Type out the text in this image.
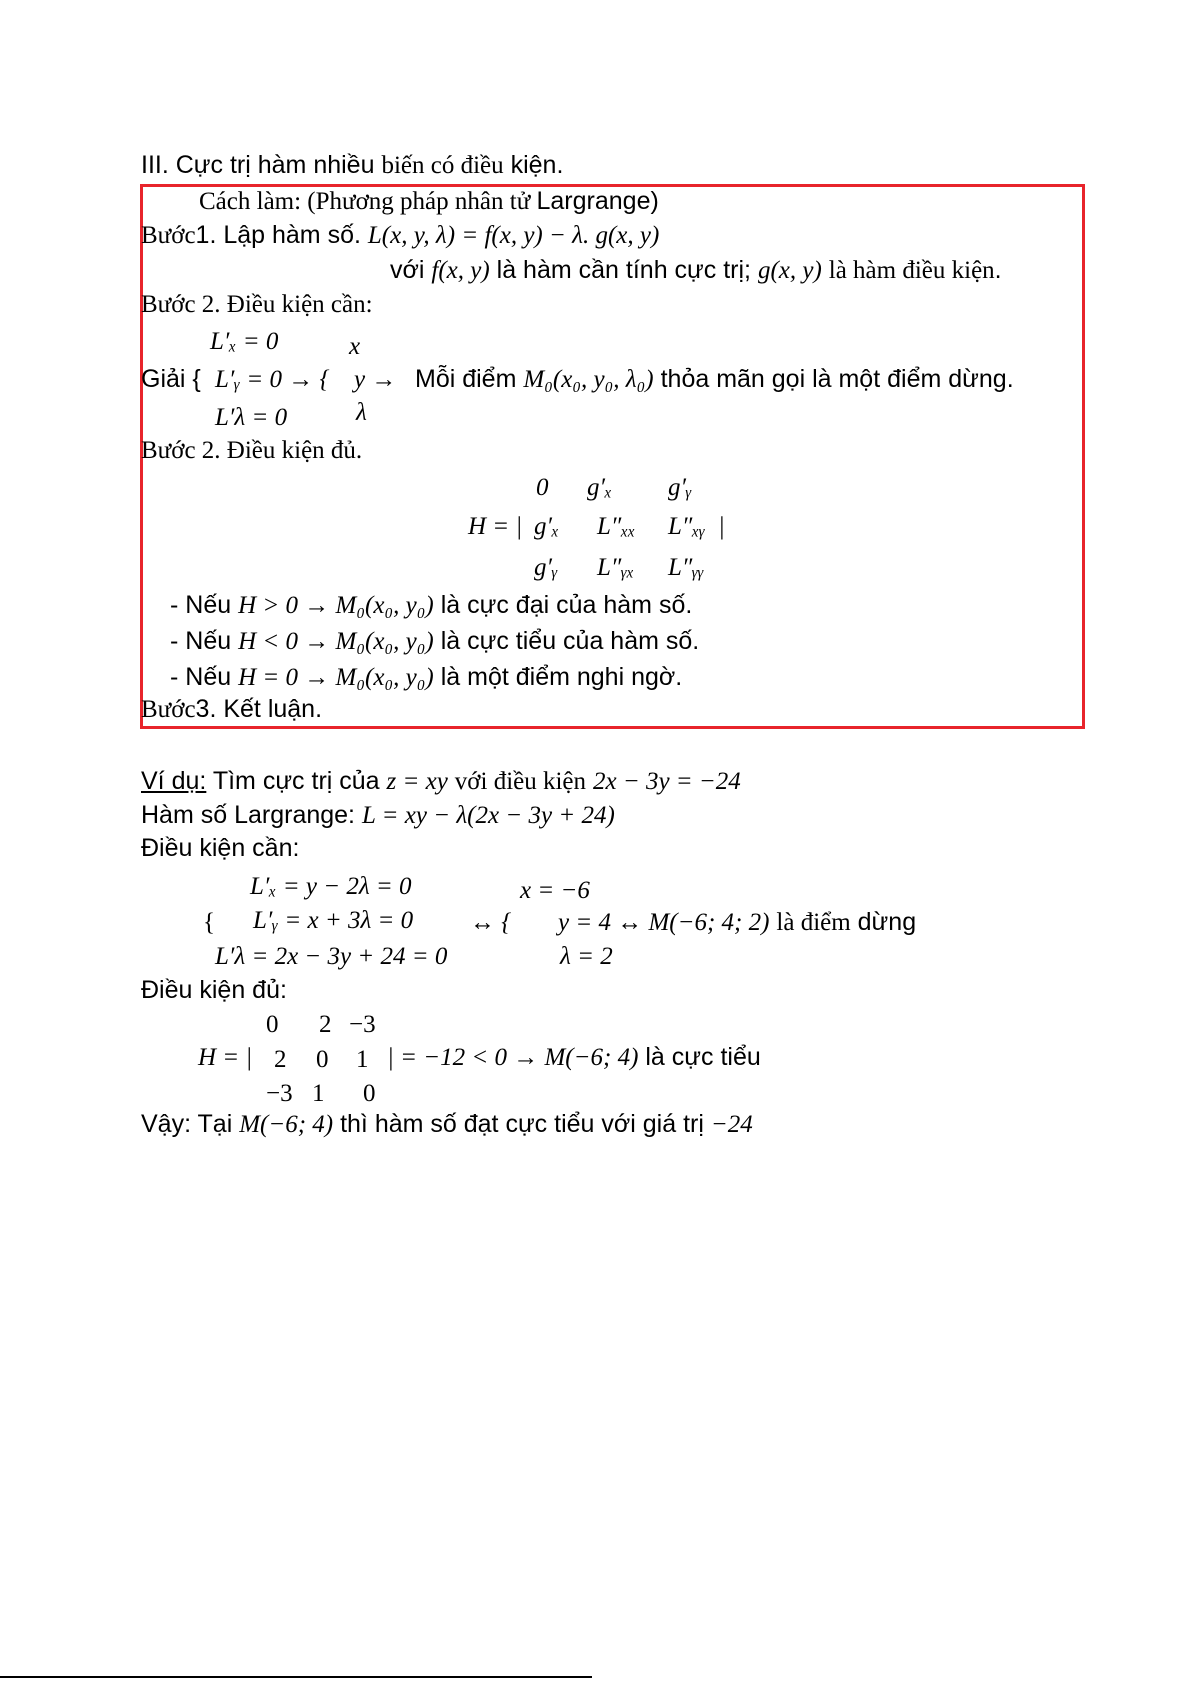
III. Cực trị hàm nhiều biến có điều kiện.
Cách làm: (Phương pháp nhân tử Largrange)
Bước1. Lập hàm số. L(x, y, λ) = f(x, y) − λ. g(x, y)
với f(x, y) là hàm cần tính cực trị; g(x, y) là hàm điều kiện.
Bước 2. Điều kiện cần:
L′ₓ = 0	x
Giải { L′ᵧ = 0 → { y → Mỗi điểm M₀(x₀, y₀, λ₀) thỏa mãn gọi là một điểm dừng.
L′λ = 0	λ
Bước 2. Điều kiện đủ.
0 g′ₓ g′ᵧ
H = | g′ₓ L″ₓₓ L″ₓᵧ |
g′ᵧ L″ᵧₓ L″ᵧᵧ
- Nếu H > 0 → M₀(x₀, y₀) là cực đại của hàm số.
- Nếu H < 0 → M₀(x₀, y₀) là cực tiểu của hàm số.
- Nếu H = 0 → M₀(x₀, y₀) là một điểm nghi ngờ.
Bước3. Kết luận.
Ví dụ: Tìm cực trị của z = xy với điều kiện 2x − 3y = −24
Hàm số Largrange: L = xy − λ(2x − 3y + 24)
Điều kiện cần:
L′ₓ = y − 2λ = 0	x = −6
{ L′ᵧ = x + 3λ = 0 ↔ { y = 4 ↔ M(−6; 4; 2) là điểm dừng
L′λ = 2x − 3y + 24 = 0	λ = 2
Điều kiện đủ:
0 2 −3
H = | 2 0 1 | = −12 < 0 → M(−6; 4) là cực tiểu
−3 1 0
Vậy: Tại M(−6; 4) thì hàm số đạt cực tiểu với giá trị −24
